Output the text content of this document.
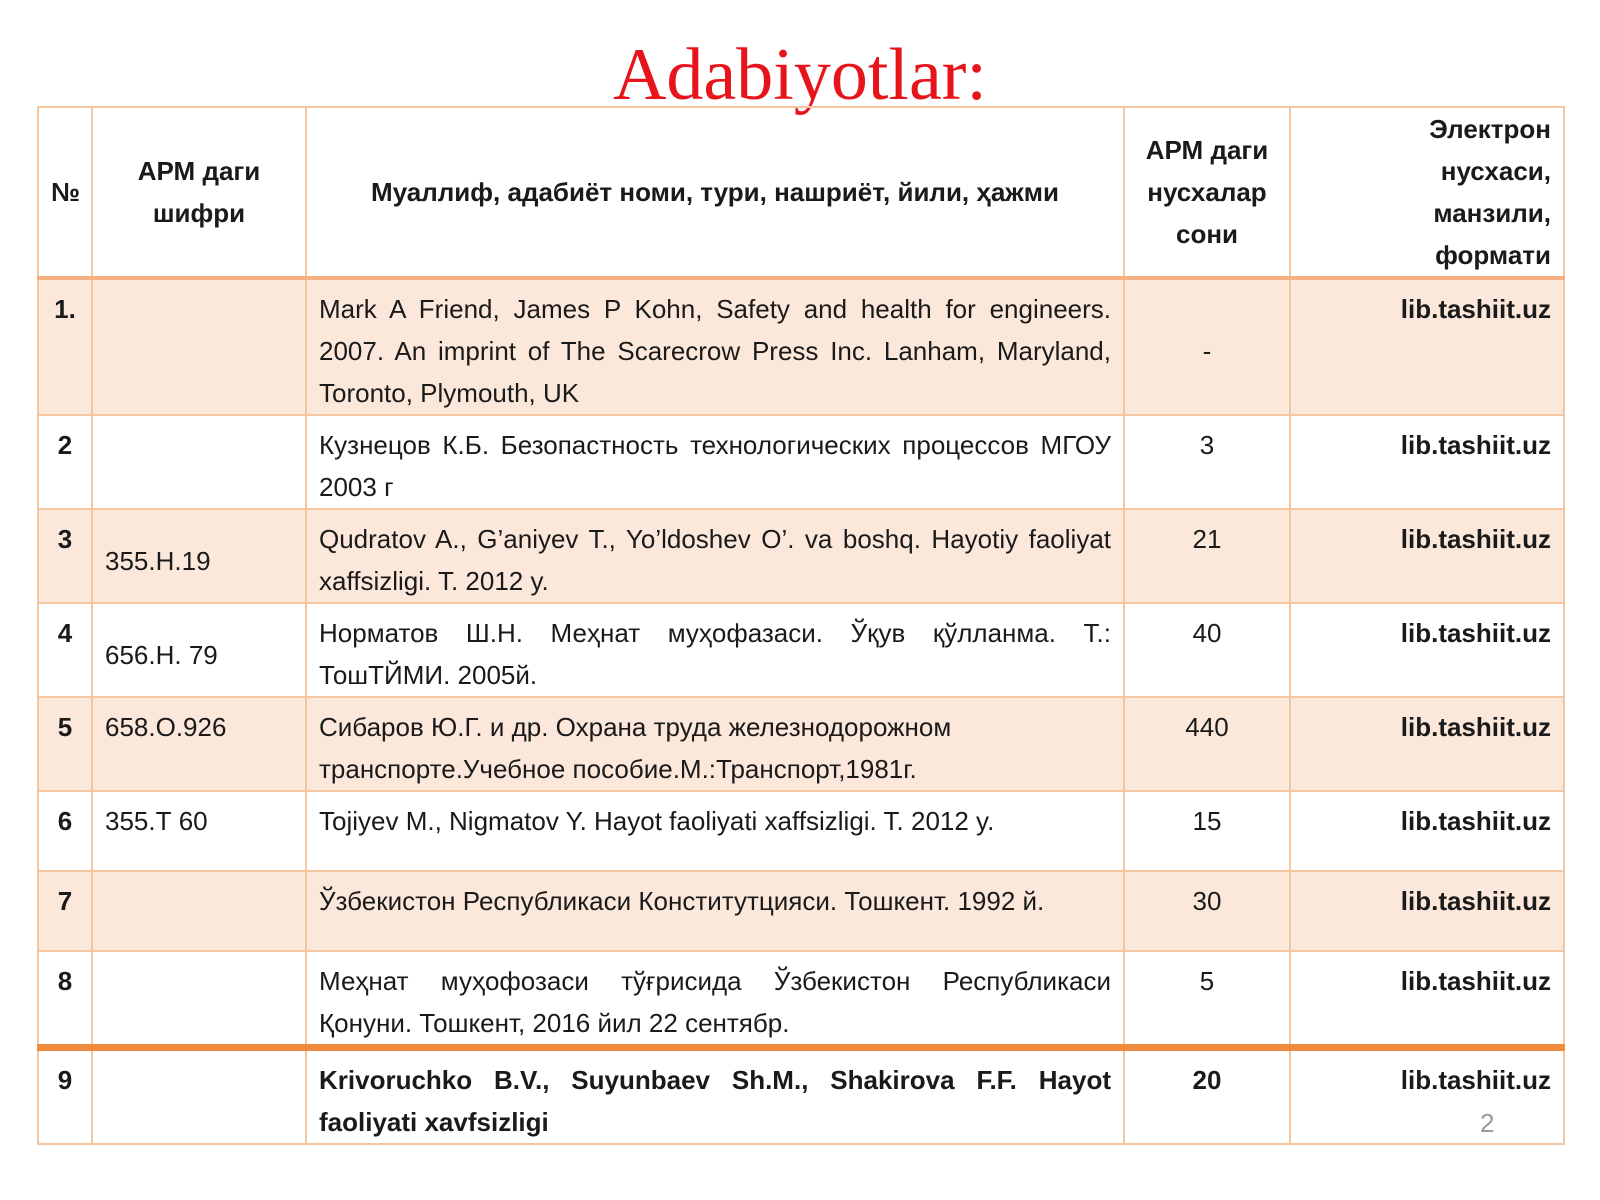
Adabiyotlar:
№	АРМ даги шифри	Муаллиф, адабиёт номи, тури, нашриёт, йили, ҳажми	АРМ даги нусхалар сони	Электрон нусхаси, манзили, формати
1.		Mark A Friend, James P Kohn, Safety and health for engineers. 2007. An imprint of The Scarecrow Press Inc. Lanham, Maryland, Toronto, Plymouth, UK	-	lib.tashiit.uz
2		Кузнецов К.Б. Безопастность технологических процессов МГОУ 2003 г	3	lib.tashiit.uz
3	355.Н.19	Qudratov A., G’aniyev T., Yo’ldoshev O’. va boshq. Hayotiy faoliyat xaffsizligi. T. 2012 y.	21	lib.tashiit.uz
4	656.Н. 79	Норматов Ш.Н. Меҳнат муҳофазаси. Ўқув қўлланма. Т.: ТошТЙМИ. 2005й.	40	lib.tashiit.uz
5	658.О.926	Сибаров Ю.Г. и др. Охрана труда железнодорожном транспорте.Учебное пособие.М.:Транспорт,1981г.	440	lib.tashiit.uz
6	355.Т 60	Tojiyev M., Nigmatov Y. Hayot faoliyati xaffsizligi. T. 2012 y.	15	lib.tashiit.uz
7		Ўзбекистон Республикаси Конститутцияси. Тошкент. 1992 й.	30	lib.tashiit.uz
8		Меҳнат муҳофозаси тўғрисида Ўзбекистон Республикаси Қонуни. Тошкент, 2016 йил 22 сентябр.	5	lib.tashiit.uz
9		Krivoruchko B.V., Suyunbaev Sh.M., Shakirova F.F. Hayot faoliyati xavfsizligi	20	lib.tashiit.uz
2
